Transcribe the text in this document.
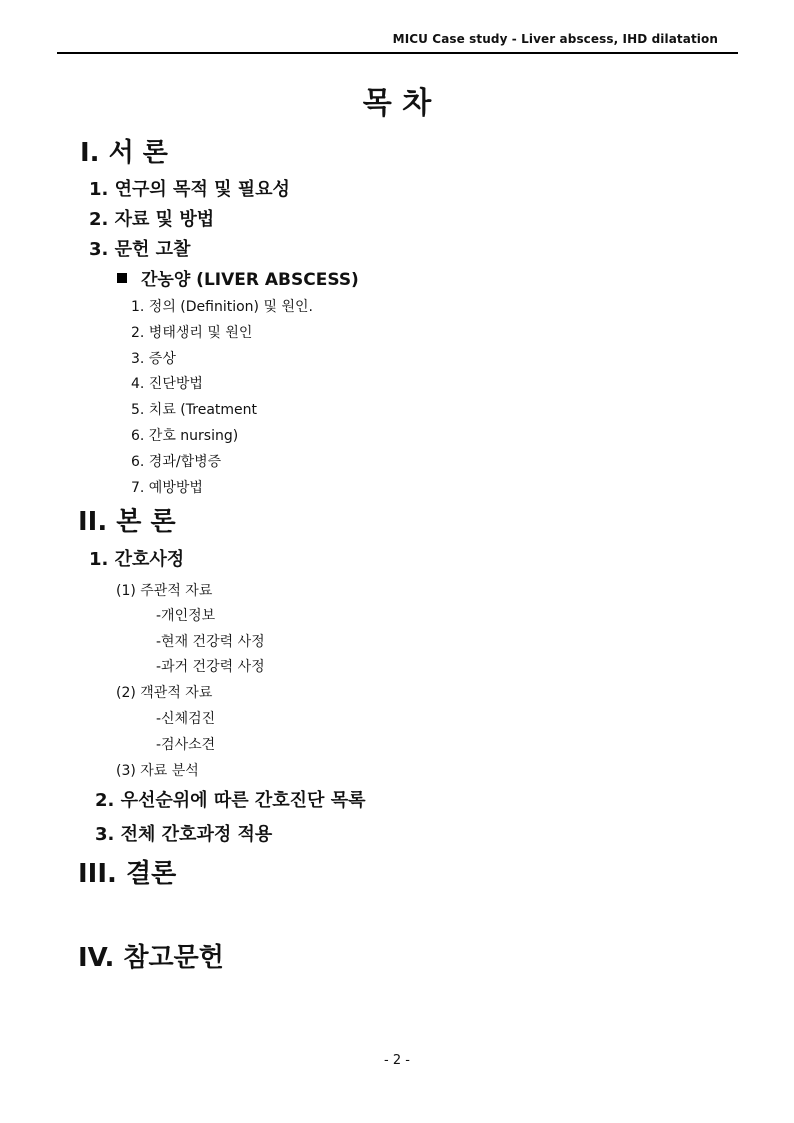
MICU Case study - Liver abscess, IHD dilatation
목 차
I. 서 론
1. 연구의 목적 및 필요성
2. 자료 및 방법
3. 문헌 고찰
간농양 (LIVER ABSCESS)
1. 정의 (Definition) 및 원인.
2. 병태생리 및 원인
3. 증상
4. 진단방법
5. 치료 (Treatment
6. 간호 nursing)
6. 경과/합병증
7. 예방방법
II. 본 론
1. 간호사정
(1) 주관적 자료
-개인정보
-현재 건강력 사정
-과거 건강력 사정
(2) 객관적 자료
-신체검진
-검사소견
(3) 자료 분석
2. 우선순위에 따른 간호진단 목록
3. 전체 간호과정 적용
III. 결론
IV. 참고문헌
- 2 -
